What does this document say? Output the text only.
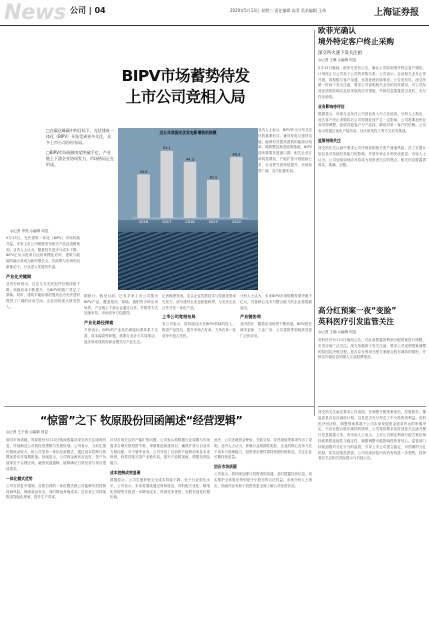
News 公司 | 04	2020年5月13日 星期三 责任编辑 高菲 美术编辑 王伟	上海证券报
BIPV市场蓄势待发
上市公司竞相入局

□在碳达峰碳中和目标下，光伏建筑一体化（BIPV）开始受到更多关注，众多上市公司纷纷布局。

□BIPV市场规模有望突破千亿，产业链上下游企业协同发力，市场格局正在形成。

◎记者 李苑 ◎编辑 何昆
34.5
2016
53.1
2017
44.3
2018
30.1
2019
48.2
2020
近五年我国光伏发电新增装机规模
5月13日，光伏建筑一体化（BIPV）市场持续升温，多家上市公司相继发布相关产品及战略规划。业内人士认为，随着技术进步与成本下降，BIPV正从示范项目迈向规模化应用，建筑与能源的融合将成为新的增长点。在政策与市场的双重推动下，行业进入发展快车道。
产业化关键期
业内分析指出，过去几年光伏组件价格持续下降，转换效率不断提升，为BIPV的推广奠定了基础。同时，建筑节能标准的提高也为光伏建材提供了广阔的应用空间。企业纷纷加大研发投入。
据统计，截至目前，已有多家上市公司推出BIPV产品，覆盖屋顶、幕墙、遮阳等多种应用场景。产业链上下游企业通过合作、并购等方式加速布局，市场竞争日趋激烈。
产业化路径探索
专家表示，BIPV的产业化仍面临标准体系不完善、成本偏高等问题，需要行业各方共同推动，逐步形成成熟的商业模式与产业生态。
记者梳理发现，龙头企业凭借技术与渠道优势率先发力，部分建材企业也积极跨界，与光伏企业合作开发一体化产品。
上市公司竞相布局
有公司表示，将持续加大在BIPV领域的投入，推进产品迭代，提升市场占有率，力争在新一轮竞争中抢占先机。
分析人士认为，未来BIPV市场规模有望突破千亿元，具备核心技术与整合能力的企业将脱颖而出。
产业链协同
业内预计，随着应用场景不断拓展，BIPV将在城市更新、工业厂房、公共建筑等领域获得更广泛的应用。
业内人士表示，BIPV作为分布式光伏的重要形式，兼具发电与建材功能，能够有效提高建筑的能源自给率。随着整县推进政策落地，BIPV迎来重要发展窗口期，相关企业订单明显增加，产能扩张计划陆续公布，行业景气度持续提升，市场前景广阔，各方积极布局。
欧菲光确认
境外特定客户终止采购
深交所火速下发关注函
◎记者 王琳 ◎编辑 何昆
5月13日晚间，欧菲光发布公告，确认公司收到境外特定客户通知，计划终止与公司及子公司的采购关系。公司表示，目前相关业务正常开展，将积极与客户沟通，妥善处理后续事宜。公告发布后，深交所第一时间下发关注函，要求公司说明相关业务的具体情况、对公司经营业绩的影响以及拟采取的应对措施，并就信息披露是否及时、充分作出说明。
业务影响待评估
数据显示，该部分业务在公司营业收入中占比较高。分析人士指出，此次客户终止采购将对公司短期业绩产生一定影响，公司需要加快业务结构调整，拓展其他客户与产品线，降低对单一客户的依赖。公司表示将通过优化产能布局、加大研发投入等方式应对挑战。
监管持续关注
深交所在关注函中要求公司详细说明相关资产减值风险、员工安置计划以及对持续经营能力的影响，并请年审会计师发表意见。市场人士认为，公司后续如何应对将成为投资者关注的焦点，相关信息披露需真实、准确、完整。
高分红预案一夜“变脸”
英科医疗引发监管关注
◎记者 王瑜 ◎编辑 何昆
英科医疗5月13日晚间公告，对此前披露的利润分配预案进行调整，引发市场广泛关注。深交所随即下发关注函，要求公司说明预案调整的原因及决策过程，是否存在利用分配方案配合股东减持的情形，并核实内幕信息知情人买卖股票情况。
“惊雷”之下 牧原股份回函阐述“经营逻辑”
◎记者 王子诺 ◎编辑 何昆
面对市场质疑，牧原股份5月13日晚间披露对深交所关注函的回复，详细阐述公司的经营逻辑与发展规划。公司表示，当前生猪价格波动较大，但公司坚持一体化经营模式，通过成本控制与规模优势应对周期挑战。回函显示，公司现金流状况良好，资产负债率处于合理区间，融资渠道通畅，能够满足日常经营与项目建设需求。
一体化模式优势
公司在回复中强调，自繁自养的一体化模式使公司能够有效控制疫病风险，保障食品安全，同时降低养殖成本。近年来公司持续推进智能化养殖，提升生产效率。
针对市场关注的产能扩张问题，公司表示将根据行业周期与市场需求合理安排投资节奏，审慎推进新建项目，确保扩张与自身实力相匹配。对于屠宰业务，公司介绍了目前的产能利用率及未来规划，称将持续完善产业链布局，提升产品附加值，增强抗风险能力。
成本控制成效显著
数据显示，公司生猪养殖完全成本持续下降，处于行业领先水平。公司表示，未来将继续通过育种改良、饲料配方优化、精细化管理等手段进一步降低成本，巩固竞争优势，为股东创造长期价值。
此外，公司还就资金使用、关联交易、存货减值等事项作出了说明。业内人士认为，养殖行业周期性明显，企业的核心竞争力在于成本与管理能力，投资者应理性看待短期价格波动，关注企业长期经营质量。
回应市场质疑
公司表示，将持续加强与投资者的沟通，及时披露经营信息，切实维护全体股东特别是中小股东的合法权益。市场分析人士指出，回函内容有助于投资者更全面了解公司经营状况。
深交所关注函还要求公司说明，在调整分配预案前后，控股股东、董监高是否存在减持计划，以及是否充分考虑了中小投资者利益。英科医疗回应称，调整预案系基于公司未来发展资金需求作出的审慎决定，不存在配合股东减持的情形，公司将按要求及时回复关注函并履行信息披露义务。有市场人士表示，上市公司制定利润分配方案应保持政策的连续性与稳定性，频繁调整可能影响投资者信心。监管部门持续加强对分红行为的监管，引导上市公司建立稳定、可预期的分红机制，切实回报投资者。公司后续回复内容仍有待进一步观察，投资者应关注相关风险提示与后续公告。
